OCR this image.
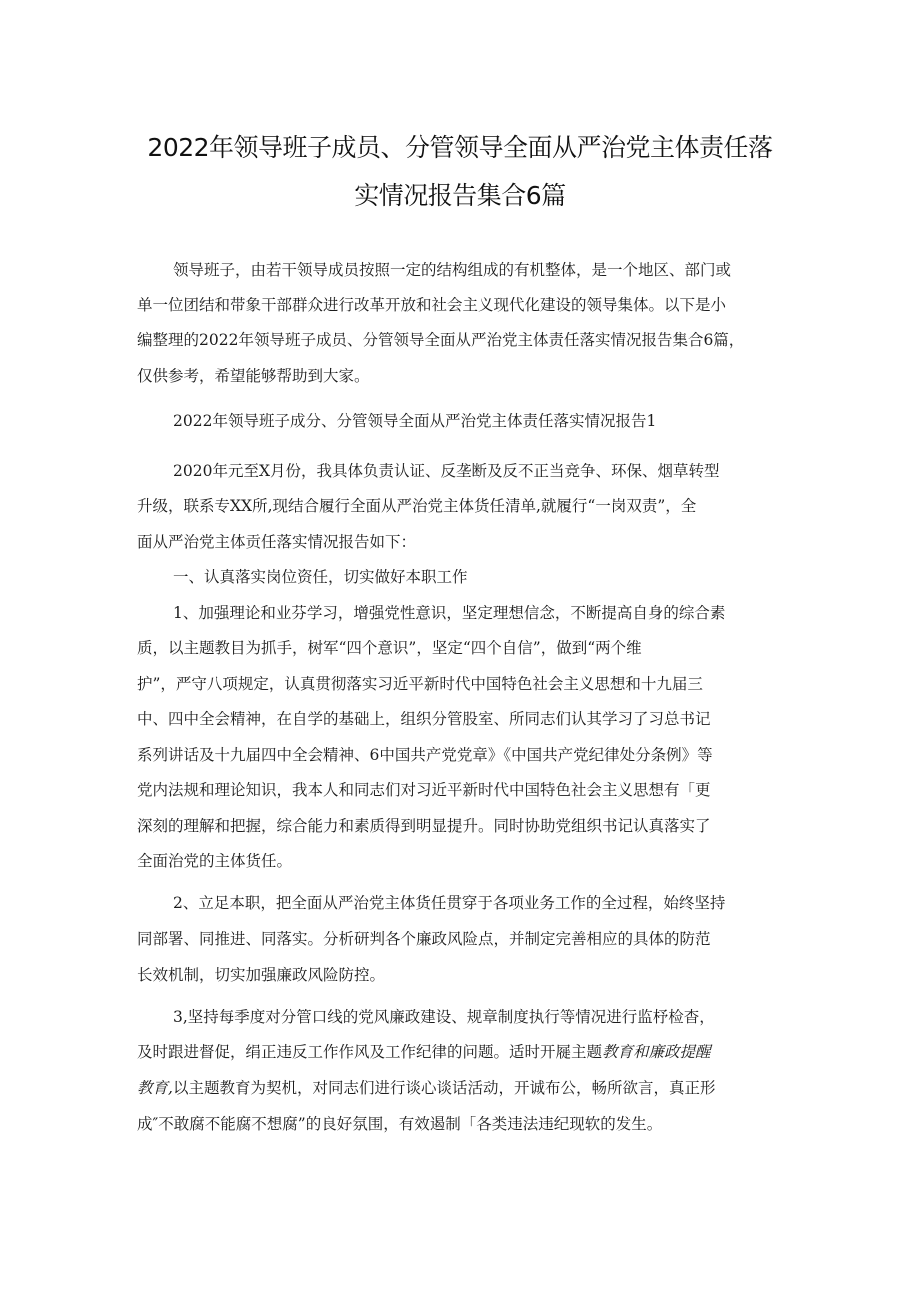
2022年领导班子成员、分管领导全面从严治党主体责任落
实情况报告集合6篇
领导班子，由若干领导成员按照一定的结构组成的有机整体，是一个地区、部门或
单一位团结和带象干部群众进行改革开放和社会主义现代化建设的领导集体。以下是小
编整理的2022年领导班子成员、分管领导全面从严治党主体责任落实情况报告集合6篇，
仅供参考，希望能够帮助到大家。
2022年领导班子成分、分管领导全面从严治党主体责任落实情况报告1
2020年元至X月份，我具体负责认证、反垄断及反不正当竞争、环保、烟草转型
升级，联系专XX所,现结合履行全面从严治党主体货任清单,就履行“一岗双责”，全
面从严治党主体贡任落实情况报告如下：
一、认真落实岗位资任，切实做好本职工作
1、加强理论和业芬学习，增强党性意识，坚定理想信念，不断提高自身的综合素
质，以主题教目为抓手，树军“四个意识”，坚定“四个自信”，做到“两个维
护”，严守八项规定，认真贯彻落实习近平新时代中国特色社会主义思想和十九届三
中、四中全会精神，在自学的基础上，组织分管股室、所同志们认其学习了习总书记
系列讲话及十九届四中全会精神、6中国共产党党章》《中国共产党纪律处分条例》等
党内法规和理论知识，我本人和同志们对习近平新时代中国特色社会主义思想有「更
深刻的理解和把握，综合能力和素质得到明显提升。同时协助党组织书记认真落实了
全面治党的主体货任。
2、立足本职，把全面从严治党主体货任贯穿于各项业务工作的全过程，始终坚持
同部署、同推进、同落实。分析研判各个廉政风险点，并制定完善相应的具体的防范
长效机制，切实加强廉政风险防控。
3,坚持每季度对分管口线的党风廉政建设、规章制度执行等情况进行监杼检杳，
及时跟进督促，绢正违反工作作风及工作纪律的问题。适时开屣主题教育和廉政提醒
教育,以主题教育为契机，对同志们进行谈心谈话活动，开诚布公，畅所欲言，真正形
成″不敢腐不能腐不想腐”的良好氛围，有效遏制「各类违法违纪现软的发生。
